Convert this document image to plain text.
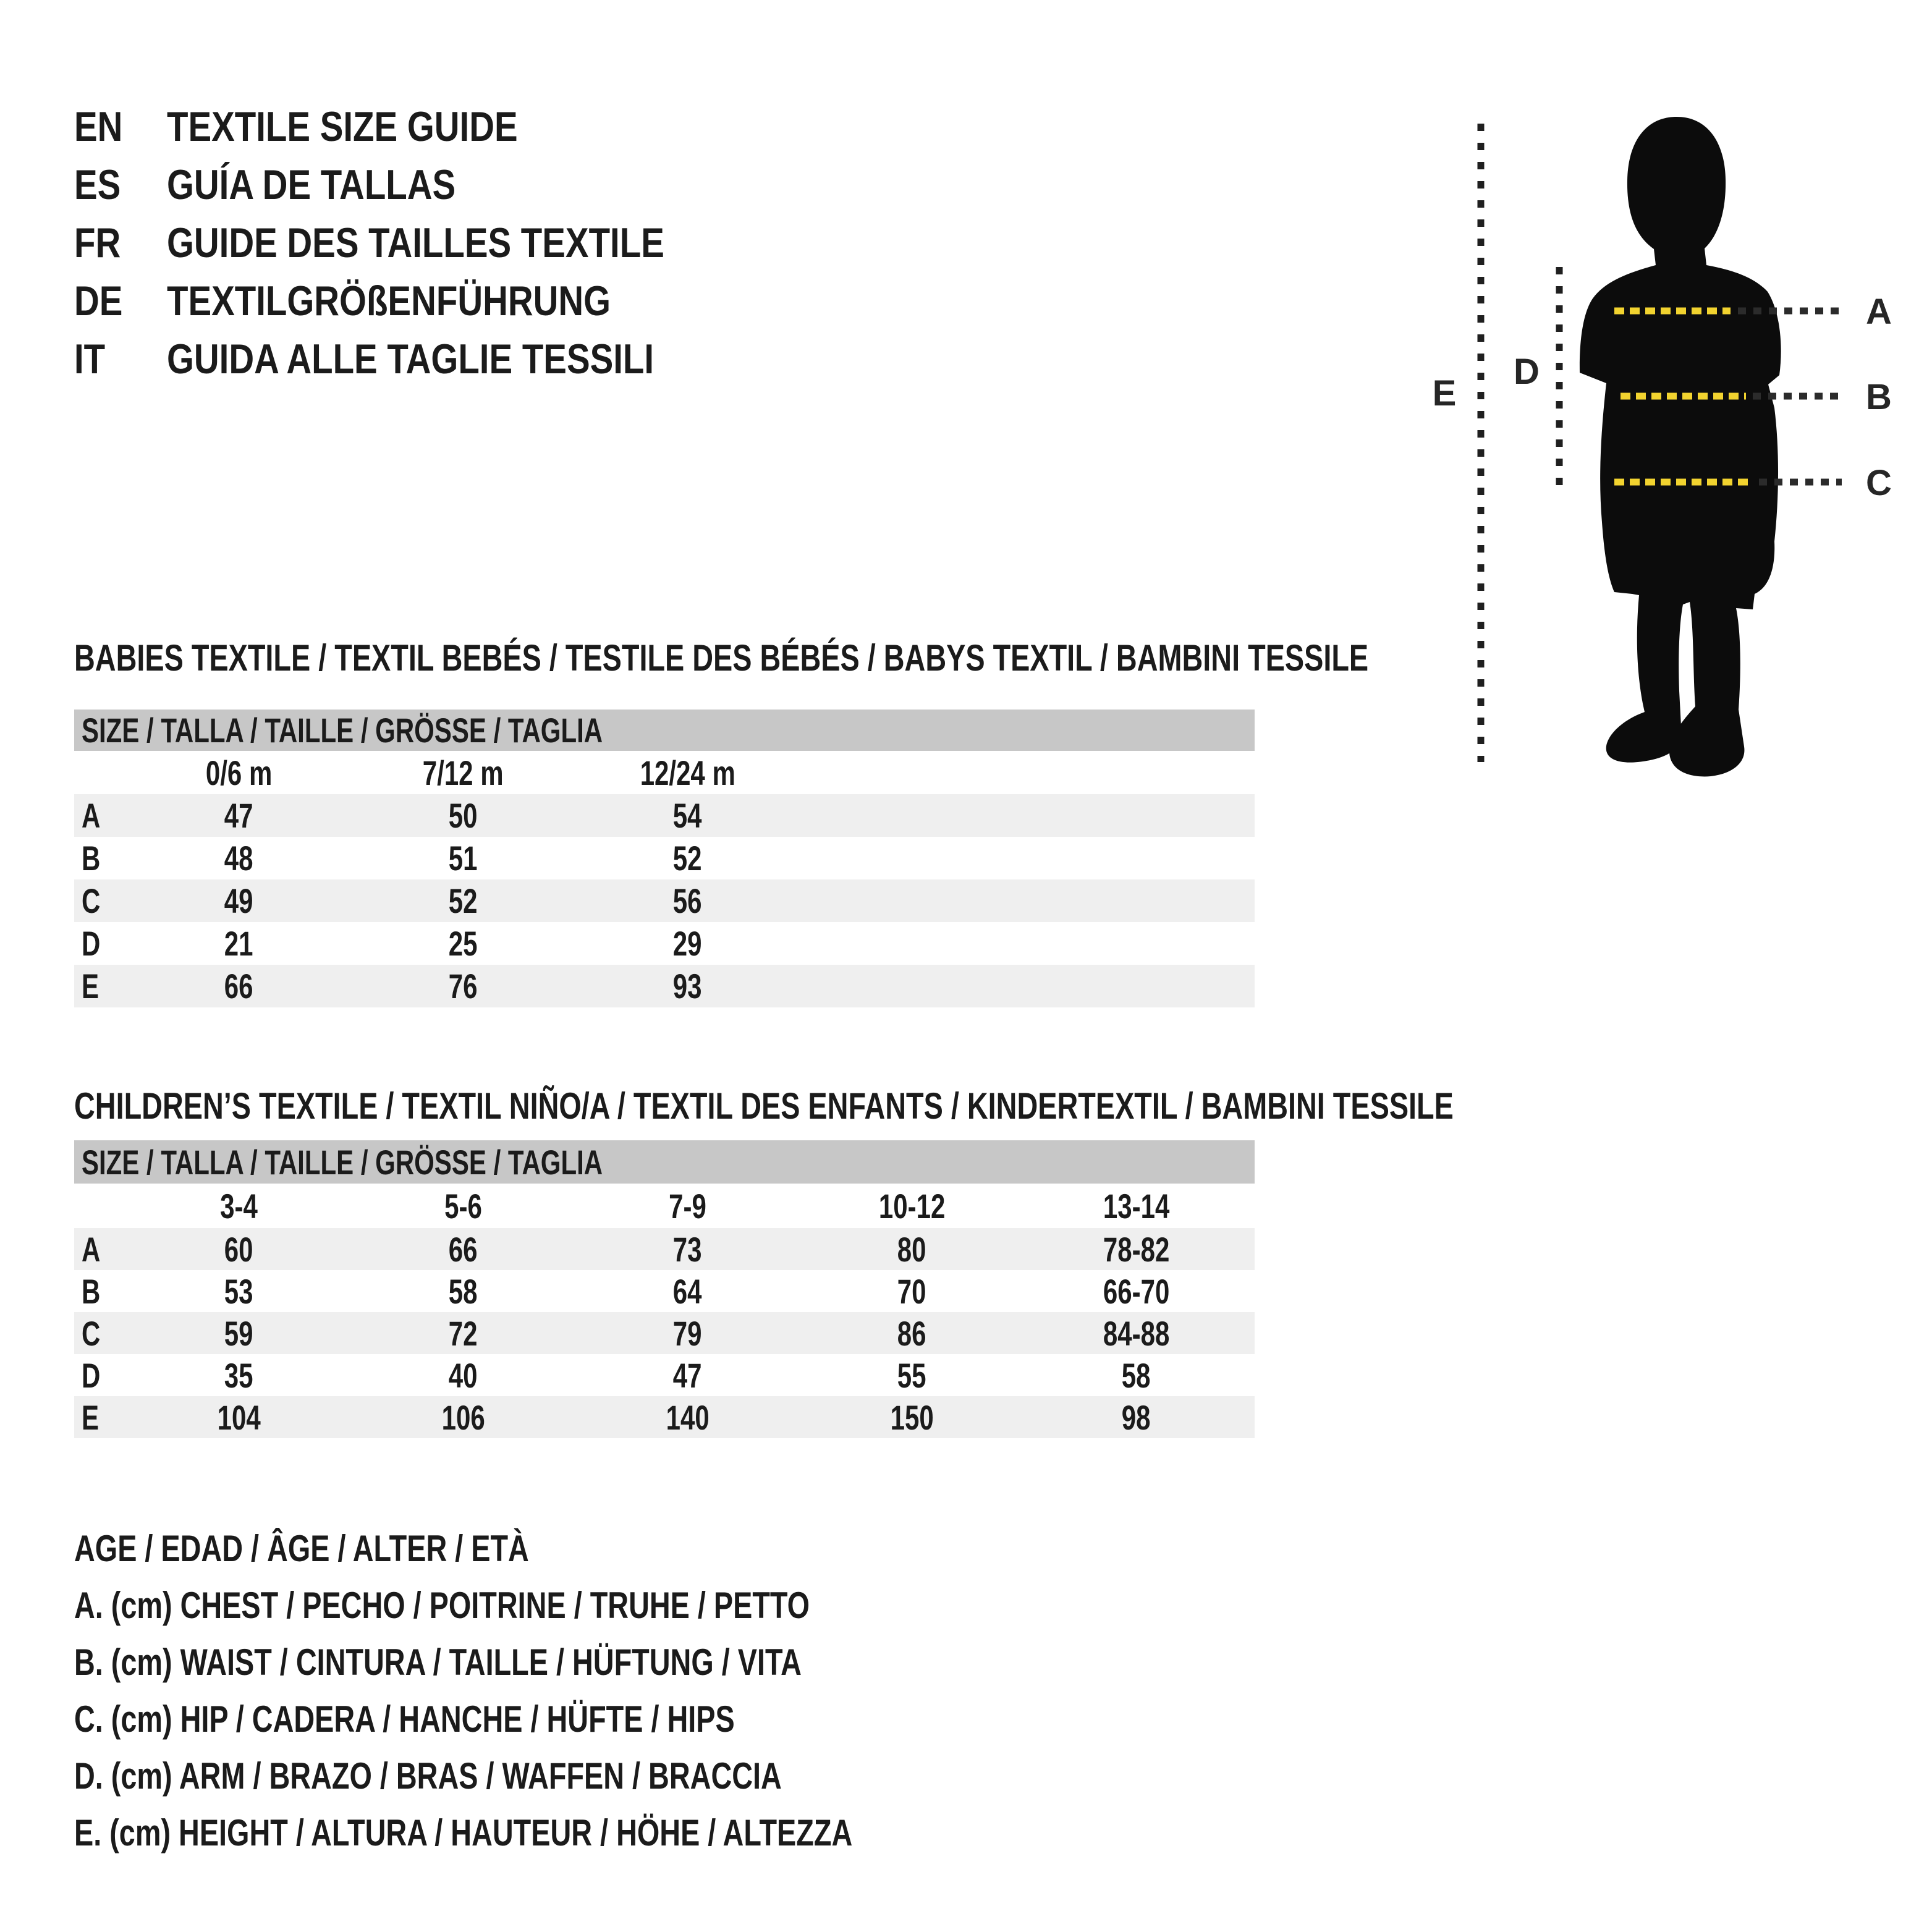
EN	TEXTILE SIZE GUIDE
ES	GUÍA DE TALLAS
FR	GUIDE DES TAILLES TEXTILE
DE	TEXTILGRÖßENFÜHRUNG
IT	GUIDA ALLE TAGLIE TESSILI
BABIES TEXTILE / TEXTIL BEBÉS / TESTILE DES BÉBÉS / BABYS TEXTIL / BAMBINI TESSILE
SIZE / TALLA / TAILLE / GRÖSSE / TAGLIA
0/6 m	7/12 m	12/24 m
A	47	50	54
B	48	51	52
C	49	52	56
D	21	25	29
E	66	76	93
CHILDREN’S TEXTILE / TEXTIL NIÑO/A / TEXTIL DES ENFANTS / KINDERTEXTIL / BAMBINI TESSILE
SIZE / TALLA / TAILLE / GRÖSSE / TAGLIA
3-4	5-6	7-9	10-12	13-14
A	60	66	73	80	78-82
B	53	58	64	70	66-70
C	59	72	79	86	84-88
D	35	40	47	55	58
E	104	106	140	150	98
AGE / EDAD / ÂGE / ALTER / ETÀ
A. (cm) CHEST / PECHO / POITRINE / TRUHE / PETTO
B. (cm) WAIST / CINTURA / TAILLE / HÜFTUNG / VITA
C. (cm) HIP / CADERA / HANCHE / HÜFTE / HIPS
D. (cm) ARM / BRAZO / BRAS / WAFFEN / BRACCIA
E. (cm) HEIGHT / ALTURA / HAUTEUR / HÖHE / ALTEZZA
A
B
C
D
E
